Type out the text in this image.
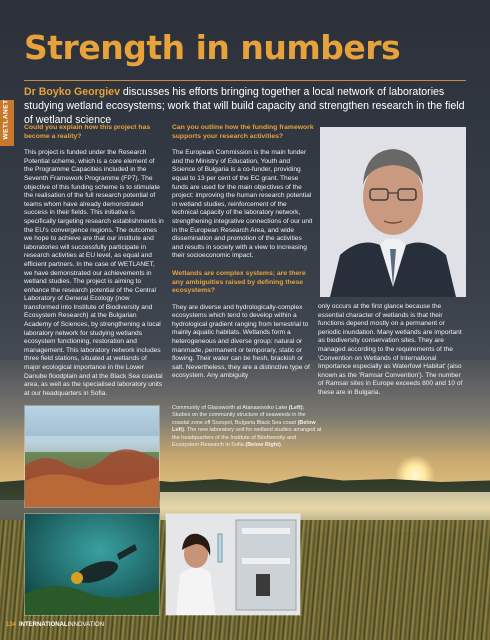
Strength in numbers

Dr Boyko Georgiev discusses his efforts bringing together a local network of laboratories studying wetland ecosystems; work that will build capacity and strengthen research in the field of wetland science

WETLANET Could you explain how this project has become a reality?

This project is funded under the Research Potential scheme, which is a core element of the Programme Capacities included in the Seventh Framework Programme (FP7). The objective of this funding scheme is to stimulate the realisation of the full research potential of teams whom have already demonstrated success in their fields. This initiative is specifically targeting research establishments in the EU's convergence regions. The outcomes we hope to achieve are that our institute and laboratories will successfully participate in research activities at EU level, as equal and efficient partners. In the case of WETLANET, we have demonstrated our achievements in wetland studies. The project is aiming to enhance the research potential of the Central Laboratory of General Ecology (now transformed into Institute of Biodiversity and Ecosystem Research) at the Bulgarian Academy of Sciences, by strengthening a local laboratory network for studying wetlands ecosystem functioning, restoration and management. This laboratory network includes three field stations, situated at wetlands of major ecological importance in the Lower Danube floodplain and at the Black Sea coastal area, as well as the specialised laboratory units at our headquarters in Sofia.

Can you outline how the funding framework supports your research activities?

The European Commission is the main funder and the Ministry of Education, Youth and Science of Bulgaria is a co-funder, providing equal to 13 per cent of the EC grant. These funds are used for the main objectives of the project: improving the human research potential in wetland studies, reinforcement of the technical capacity of the laboratory network, strengthening integrative connections of our unit in the European Research Area, and wide dissemination and promotion of the activities and results in society with a view to increasing their socioeconomic impact.

Wetlands are complex systems; are there any ambiguities raised by defining these ecosystems?

They are diverse and hydrologically-complex ecosystems which tend to develop within a hydrological gradient ranging from terrestrial to mainly aquatic habitats. Wetlands form a heterogeneous and diverse group: natural or manmade, permanent or temporary, static or flowing. Their water can be fresh, brackish or salt. Nevertheless, they are a distinctive type of ecosystem. Any ambiguity

only occurs at the first glance because the essential character of wetlands is that their functions depend mostly on a permanent or periodic inundation. Many wetlands are important as biodiversity conservation sites. They are managed according to the requirements of the 'Convention on Wetlands of International Importance especially as Waterfowl Habitat' (also known as the 'Ramsar Convention'). The number of Ramsar sites in Europe exceeds 800 and 10 of these are in Bulgaria.

Community of Glassworth at Atanasovsko Lake (Left); Studies on the community structure of seaweeds in the coastal zone off Sozopol, Bulgaria Black Sea coast (Below Left). The new laboratory unit for wetland studies arranged at the headquarters of the Institute of Biodiversity and Ecosystem Research in Sofia (Below Right)

134 INTERNATIONALINNOVATION
